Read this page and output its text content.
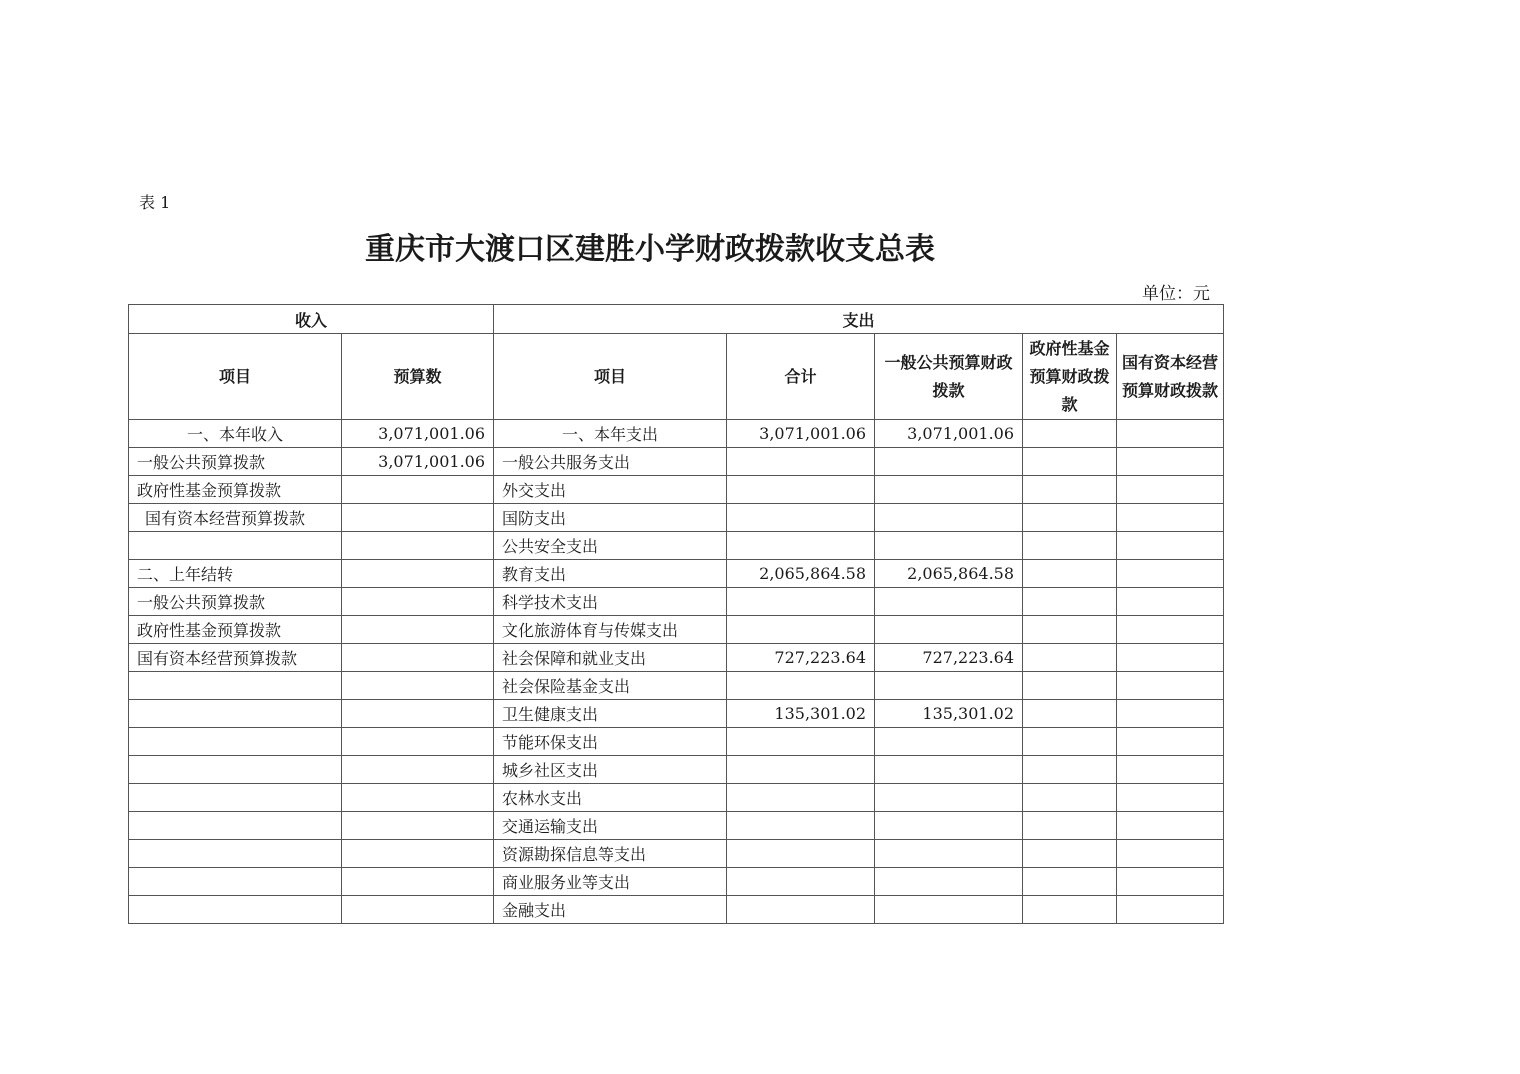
表 1
重庆市大渡口区建胜小学财政拨款收支总表
单位：元
收入		支出				
项目	预算数	项目	合计	一般公共预算财政拨款	政府性基金预算财政拨款	国有资本经营预算财政拨款
一、本年收入	3,071,001.06	一、本年支出	3,071,001.06	3,071,001.06		
一般公共预算拨款	3,071,001.06	一般公共服务支出				
政府性基金预算拨款		外交支出				
国有资本经营预算拨款		国防支出				
		公共安全支出				
二、上年结转		教育支出	2,065,864.58	2,065,864.58		
一般公共预算拨款		科学技术支出				
政府性基金预算拨款		文化旅游体育与传媒支出				
国有资本经营预算拨款		社会保障和就业支出	727,223.64	727,223.64		
		社会保险基金支出				
		卫生健康支出	135,301.02	135,301.02		
		节能环保支出				
		城乡社区支出				
		农林水支出				
		交通运输支出				
		资源勘探信息等支出				
		商业服务业等支出				
		金融支出				
